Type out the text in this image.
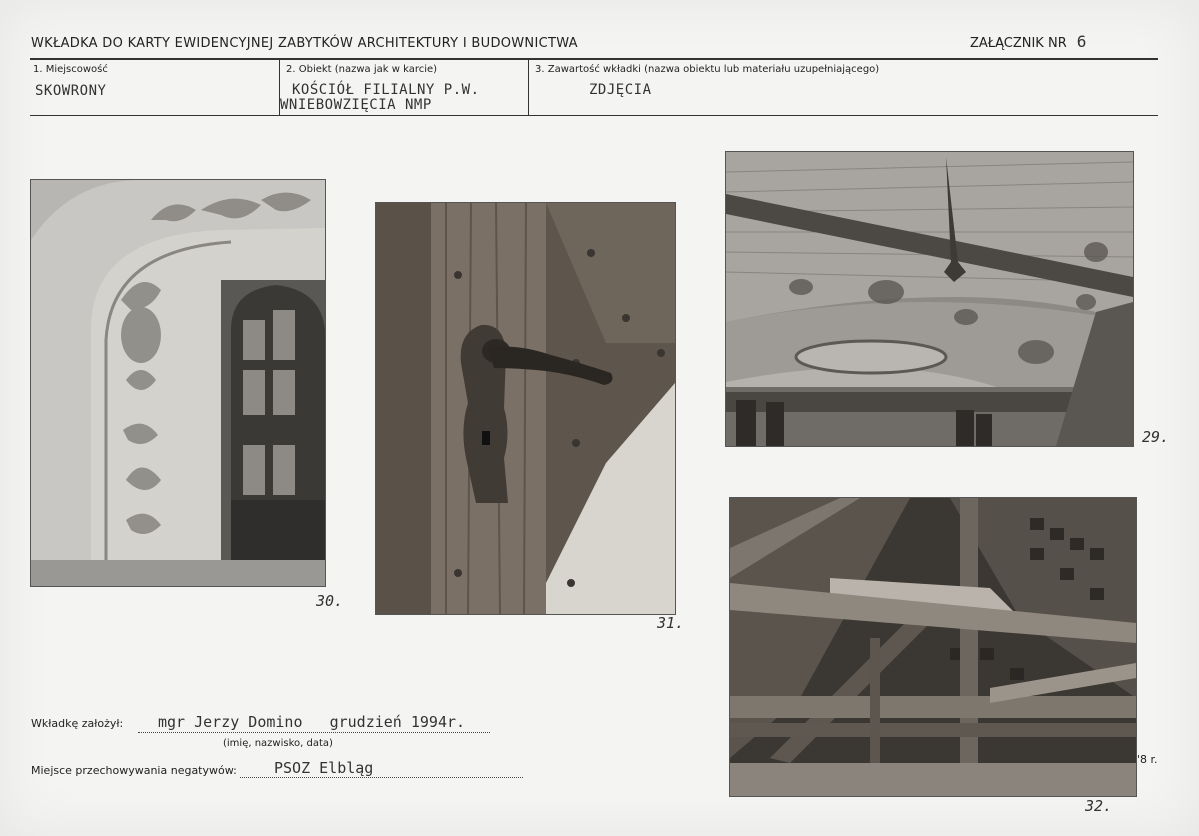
WKŁADKA DO KARTY EWIDENCYJNEJ ZABYTKÓW ARCHITEKTURY I BUDOWNICTWA	ZAŁĄCZNIK NR 6
1. Miejscowość
SKOWRONY
2. Obiekt (nazwa jak w karcie)
KOŚCIÓŁ FILIALNY P.W.
WNIEBOWZIĘCIA NMP
3. Zawartość wkładki (nazwa obiektu lub materiału uzupełniającego)
ZDJĘCIA
30.
31.
29.
32.
'8 r.
Wkładkę założył: mgr Jerzy Domino   grudzień 1994r.
(imię, nazwisko, data)
Miejsce przechowywania negatywów: PSOZ Elbląg
